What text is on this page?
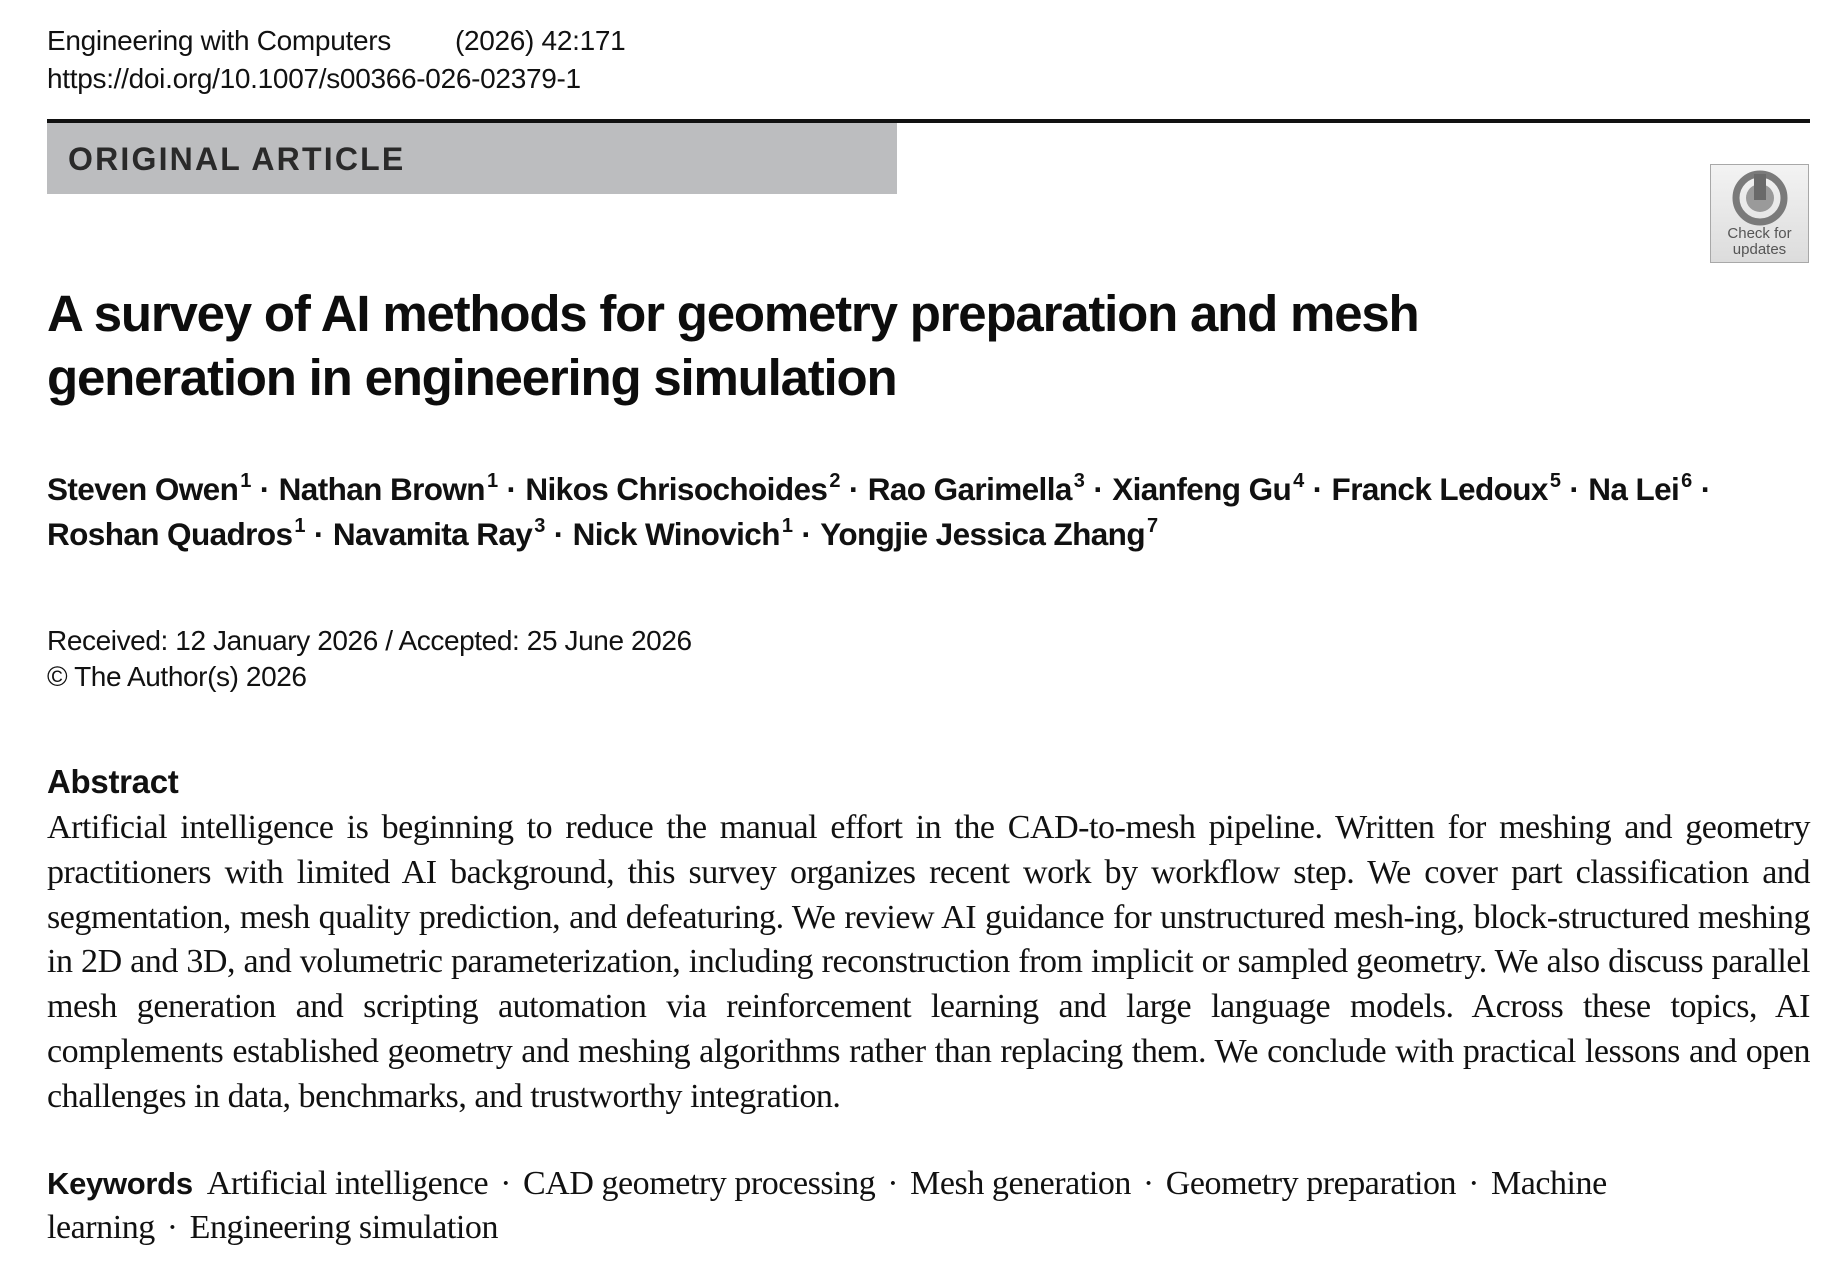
Engineering with Computers (2026) 42:171
https://doi.org/10.1007/s00366-026-02379-1
ORIGINAL ARTICLE
Check for
updates
A survey of AI methods for geometry preparation and mesh generation in engineering simulation
Steven Owen $^1$ · Nathan Brown $^1$ · Nikos Chrisochoides $^2$ · Rao Garimella $^3$ · Xianfeng Gu $^4$ · Franck Ledoux $^5$ · Na Lei $^6$ ·
Roshan Quadros $^1$ · Navamita Ray $^3$ · Nick Winovich $^1$ · Yongjie Jessica Zhang $^7$
Received: 12 January 2026 / Accepted: 25 June 2026
© The Author(s) 2026
Abstract

Artificial intelligence is beginning to reduce the manual effort in the CAD-to-mesh pipeline. Written for meshing and geometry practitioners with limited AI background, this survey organizes recent work by workflow step. We cover part classification and segmentation, mesh quality prediction, and defeaturing. We review AI guidance for unstructured mesh-ing, block-structured meshing in 2D and 3D, and volumetric parameterization, including reconstruction from implicit or sampled geometry. We also discuss parallel mesh generation and scripting automation via reinforcement learning and large language models. Across these topics, AI complements established geometry and meshing algorithms rather than replacing them. We conclude with practical lessons and open challenges in data, benchmarks, and trustworthy integration.

Keywords Artificial intelligence · CAD geometry processing · Mesh generation · Geometry preparation · Machine learning · Engineering simulation
